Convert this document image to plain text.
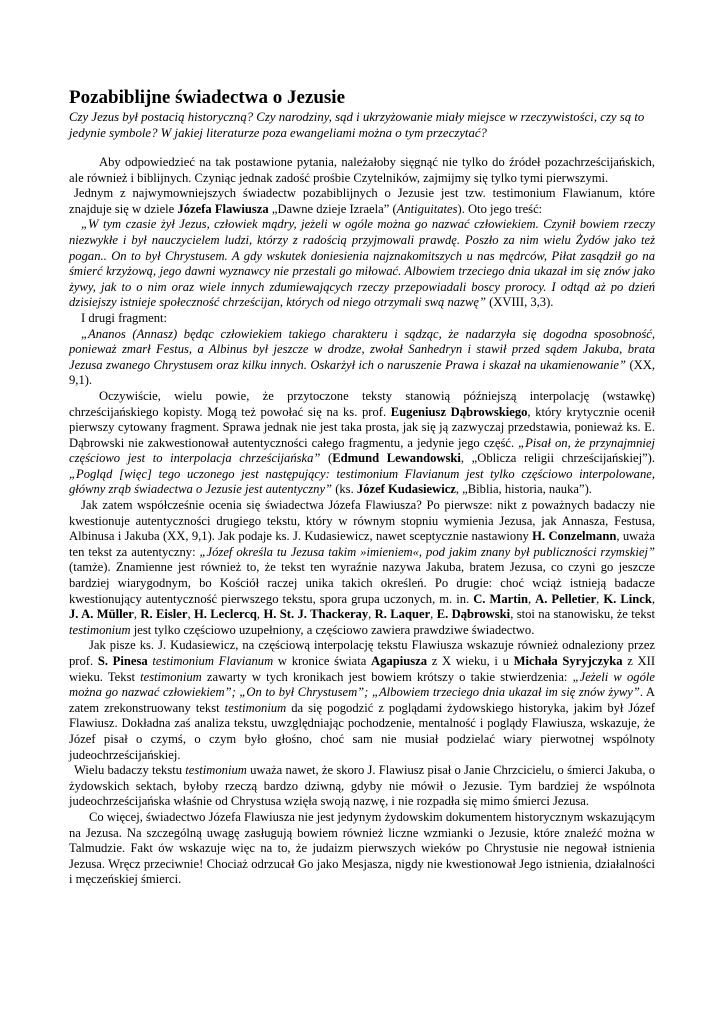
Pozabiblijne świadectwa o Jezusie
Czy Jezus był postacią historyczną? Czy narodziny, sąd i ukrzyżowanie miały miejsce w rzeczywistości, czy są to jedynie symbole? W jakiej literaturze poza ewangeliami można o tym przeczytać?

Aby odpowiedzieć na tak postawione pytania, należałoby sięgnąć nie tylko do źródeł pozachrześcijańskich, ale również i biblijnych. Czyniąc jednak zadość prośbie Czytelników, zajmijmy się tylko tymi pierwszymi.

Jednym z najwymowniejszych świadectw pozabiblijnych o Jezusie jest tzw. testimonium Flawianum, które znajduje się w dziele Józefa Flawiusza „Dawne dzieje Izraela” (Antiguitates). Oto jego treść:

„W tym czasie żył Jezus, człowiek mądry, jeżeli w ogóle można go nazwać człowiekiem. Czynił bowiem rzeczy niezwykłe i był nauczycielem ludzi, którzy z radością przyjmowali prawdę. Poszło za nim wielu Żydów jako też pogan.. On to był Chrystusem. A gdy wskutek doniesienia najznakomitszych u nas mędrców, Piłat zasądził go na śmierć krzyżową, jego dawni wyznawcy nie przestali go miłować. Albowiem trzeciego dnia ukazał im się znów jako żywy, jak to o nim oraz wiele innych zdumiewających rzeczy przepowiadali boscy prorocy. I odtąd aż po dzień dzisiejszy istnieje społeczność chrześcijan, których od niego otrzymali swą nazwę” (XVIII, 3,3).

I drugi fragment:

„Ananos (Annasz) będąc człowiekiem takiego charakteru i sądząc, że nadarzyła się dogodna sposobność, ponieważ zmarł Festus, a Albinus był jeszcze w drodze, zwołał Sanhedryn i stawił przed sądem Jakuba, brata Jezusa zwanego Chrystusem oraz kilku innych. Oskarżył ich o naruszenie Prawa i skazał na ukamienowanie” (XX, 9,1).

Oczywiście, wielu powie, że przytoczone teksty stanowią późniejszą interpolację (wstawkę) chrześcijańskiego kopisty. Mogą też powołać się na ks. prof. Eugeniusz Dąbrowskiego, który krytycznie ocenił pierwszy cytowany fragment. Sprawa jednak nie jest taka prosta, jak się ją zazwyczaj przedstawia, ponieważ ks. E. Dąbrowski nie zakwestionował autentyczności całego fragmentu, a jedynie jego część. „Pisał on, że przynajmniej częściowo jest to interpolacja chrześcijańska” (Edmund Lewandowski, „Oblicza religii chrześcijańskiej”). „Pogląd [więc] tego uczonego jest następujący: testimonium Flavianum jest tylko częściowo interpolowane, główny zrąb świadectwa o Jezusie jest autentyczny” (ks. Józef Kudasiewicz, „Biblia, historia, nauka”).

Jak zatem współcześnie ocenia się świadectwa Józefa Flawiusza? Po pierwsze: nikt z poważnych badaczy nie kwestionuje autentyczności drugiego tekstu, który w równym stopniu wymienia Jezusa, jak Annasza, Festusa, Albinusa i Jakuba (XX, 9,1). Jak podaje ks. J. Kudasiewicz, nawet sceptycznie nastawiony H. Conzelmann, uważa ten tekst za autentyczny: „Józef określa tu Jezusa takim »imieniem«, pod jakim znany był publiczności rzymskiej” (tamże). Znamienne jest również to, że tekst ten wyraźnie nazywa Jakuba, bratem Jezusa, co czyni go jeszcze bardziej wiarygodnym, bo Kościół raczej unika takich określeń. Po drugie: choć wciąż istnieją badacze kwestionujący autentyczność pierwszego tekstu, spora grupa uczonych, m. in. C. Martin, A. Pelletier, K. Linck, J. A. Müller, R. Eisler, H. Leclercq, H. St. J. Thackeray, R. Laquer, E. Dąbrowski, stoi na stanowisku, że tekst testimonium jest tylko częściowo uzupełniony, a częściowo zawiera prawdziwe świadectwo.

Jak pisze ks. J. Kudasiewicz, na częściową interpolację tekstu Flawiusza wskazuje również odnaleziony przez prof. S. Pinesa testimonium Flavianum w kronice świata Agapiusza z X wieku, i u Michała Syryjczyka z XII wieku. Tekst testimonium zawarty w tych kronikach jest bowiem krótszy o takie stwierdzenia: „Jeżeli w ogóle można go nazwać człowiekiem”; „On to był Chrystusem”; „Albowiem trzeciego dnia ukazał im się znów żywy”. A zatem zrekonstruowany tekst testimonium da się pogodzić z poglądami żydowskiego historyka, jakim był Józef Flawiusz. Dokładna zaś analiza tekstu, uwzględniając pochodzenie, mentalność i poglądy Flawiusza, wskazuje, że Józef pisał o czymś, o czym było głośno, choć sam nie musiał podzielać wiary pierwotnej wspólnoty judeochrześcijańskiej.

Wielu badaczy tekstu testimonium uważa nawet, że skoro J. Flawiusz pisał o Janie Chrzcicielu, o śmierci Jakuba, o żydowskich sektach, byłoby rzeczą bardzo dziwną, gdyby nie mówił o Jezusie. Tym bardziej że wspólnota judeochrześcijańska właśnie od Chrystusa wzięła swoją nazwę, i nie rozpadła się mimo śmierci Jezusa.

Co więcej, świadectwo Józefa Flawiusza nie jest jedynym żydowskim dokumentem historycznym wskazującym na Jezusa. Na szczególną uwagę zasługują bowiem również liczne wzmianki o Jezusie, które znaleźć można w Talmudzie. Fakt ów wskazuje więc na to, że judaizm pierwszych wieków po Chrystusie nie negował istnienia Jezusa. Wręcz przeciwnie! Chociaż odrzucał Go jako Mesjasza, nigdy nie kwestionował Jego istnienia, działalności i męczeńskiej śmierci.
